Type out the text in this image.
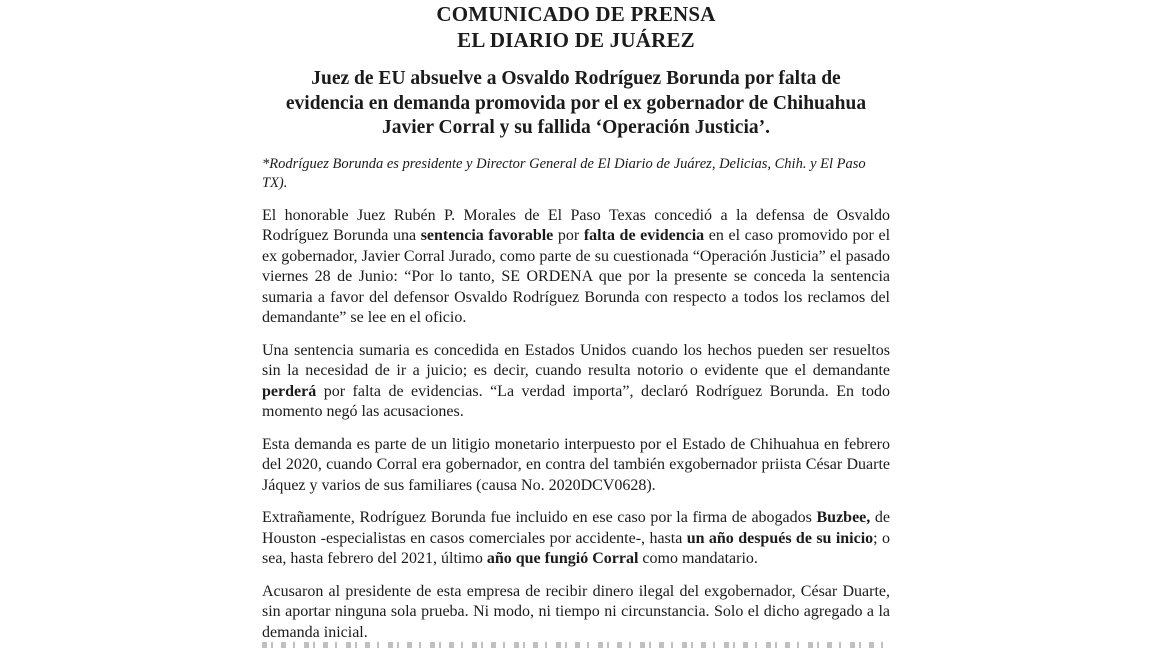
COMUNICADO DE PRENSA
EL DIARIO DE JUÁREZ
Juez de EU absuelve a Osvaldo Rodríguez Borunda por falta de evidencia en demanda promovida por el ex gobernador de Chihuahua Javier Corral y su fallida ‘Operación Justicia’.

*Rodríguez Borunda es presidente y Director General de El Diario de Juárez, Delicias, Chih. y El Paso TX).

El honorable Juez Rubén P. Morales de El Paso Texas concedió a la defensa de Osvaldo Rodríguez Borunda una sentencia favorable por falta de evidencia en el caso promovido por el ex gobernador, Javier Corral Jurado, como parte de su cuestionada “Operación Justicia” el pasado viernes 28 de Junio: “Por lo tanto, SE ORDENA que por la presente se conceda la sentencia sumaria a favor del defensor Osvaldo Rodríguez Borunda con respecto a todos los reclamos del demandante” se lee en el oficio.

Una sentencia sumaria es concedida en Estados Unidos cuando los hechos pueden ser resueltos sin la necesidad de ir a juicio; es decir, cuando resulta notorio o evidente que el demandante perderá por falta de evidencias. “La verdad importa”, declaró Rodríguez Borunda. En todo momento negó las acusaciones.

Esta demanda es parte de un litigio monetario interpuesto por el Estado de Chihuahua en febrero del 2020, cuando Corral era gobernador, en contra del también exgobernador priista César Duarte Jáquez y varios de sus familiares (causa No. 2020DCV0628).

Extrañamente, Rodríguez Borunda fue incluido en ese caso por la firma de abogados Buzbee, de Houston -especialistas en casos comerciales por accidente-, hasta un año después de su inicio; o sea, hasta febrero del 2021, último año que fungió Corral como mandatario.

Acusaron al presidente de esta empresa de recibir dinero ilegal del exgobernador, César Duarte, sin aportar ninguna sola prueba. Ni modo, ni tiempo ni circunstancia. Solo el dicho agregado a la demanda inicial.
